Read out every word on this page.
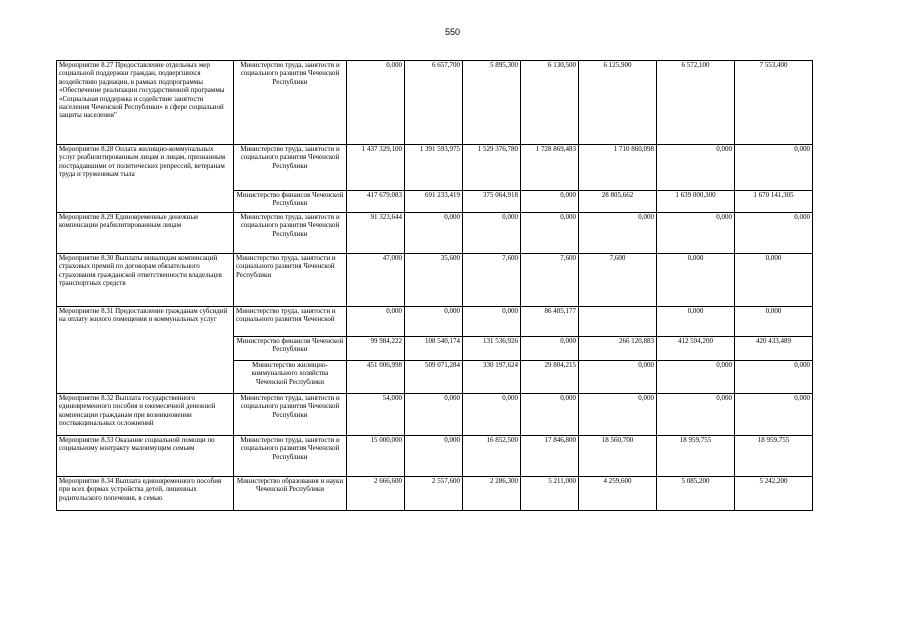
550
Мероприятие 8.27 Предоставление отдельных мер социальной поддержки граждан, подвергшихся воздействию радиации, в рамках подпрограммы «Обеспечение реализации государственной программы «Социальная поддержка и содействие занятости населения Чеченской Республики» в сфере социальной защиты населения"	Министерство труда, занятости и социального развития Чеченской Республики	0,000	6 657,700	5 895,300	6 130,500	6 125,900	6 572,100	7 553,400
Мероприятие 8.28 Оплата жилищно-коммунальных услуг реабилитированным лицам и лицам, признанным пострадавшими от политических репрессий, ветеранам труда и труженикам тыла	Министерство труда, занятости и социального развития Чеченской Республики	1 437 329,100	1 391 593,975	1 529 376,780	1 728 869,483	1 710 860,098	0,000	0,000
	Министерство финансов Чеченской Республики	417 679,083	691 233,419	375 064,918	0,000	28 805,662	1 639 000,300	1 670 141,305
Мероприятие 8.29 Единовременные денежные компенсации реабилитированным лицам	Министерство труда, занятости и социального развития Чеченской Республики	91 323,644	0,000	0,000	0,000	0,000	0,000	0,000
Мероприятие 8.30 Выплаты инвалидам компенсаций страховых премий по договорам обязательного страхования гражданской ответственности владельцев транспортных средств	Министерство труда, занятости и социального развития Чеченской Республики	47,000	35,600	7,600	7,600	7,600	0,000	0,000
Мероприятие 8.31 Предоставление гражданам субсидий на оплату жилого помещения и коммунальных услуг	Министерство труда, занятости и социального развития Чеченской	0,000	0,000	0,000	86 485,177		0,000	0,000
	Министерство финансов Чеченской Республики	99 984,222	108 540,174	131 536,926	0,000	266 120,883	412 594,200	420 433,489
	Министерство жилищно-коммунального хозяйства Чеченской Республики	451 006,998	509 071,284	330 197,624	29 804,215	0,000	0,000	0,000
Мероприятие 8.32 Выплата государственного единовременного пособия и ежемесячной денежной компенсации гражданам при возникновении поствакцинальных осложнений	Министерство труда, занятости и социального развития Чеченской Республики	54,000	0,000	0,000	0,000	0,000	0,000	0,000
Мероприятие 8.33 Оказание социальной помощи по социальному контракту малоимущим семьям	Министерство труда, занятости и социального развития Чеченской Республики	15 000,000	0,000	16 852,500	17 846,800	18 560,700	18 959,755	18 959,755
Мероприятие 8.34 Выплата единовременного пособия при всех формах устройства детей, лишенных родительского попечения, в семью	Министерство образования и науки Чеченской Республики	2 666,600	2 557,600	2 286,300	5 211,000	4 259,600	5 085,200	5 242,200
